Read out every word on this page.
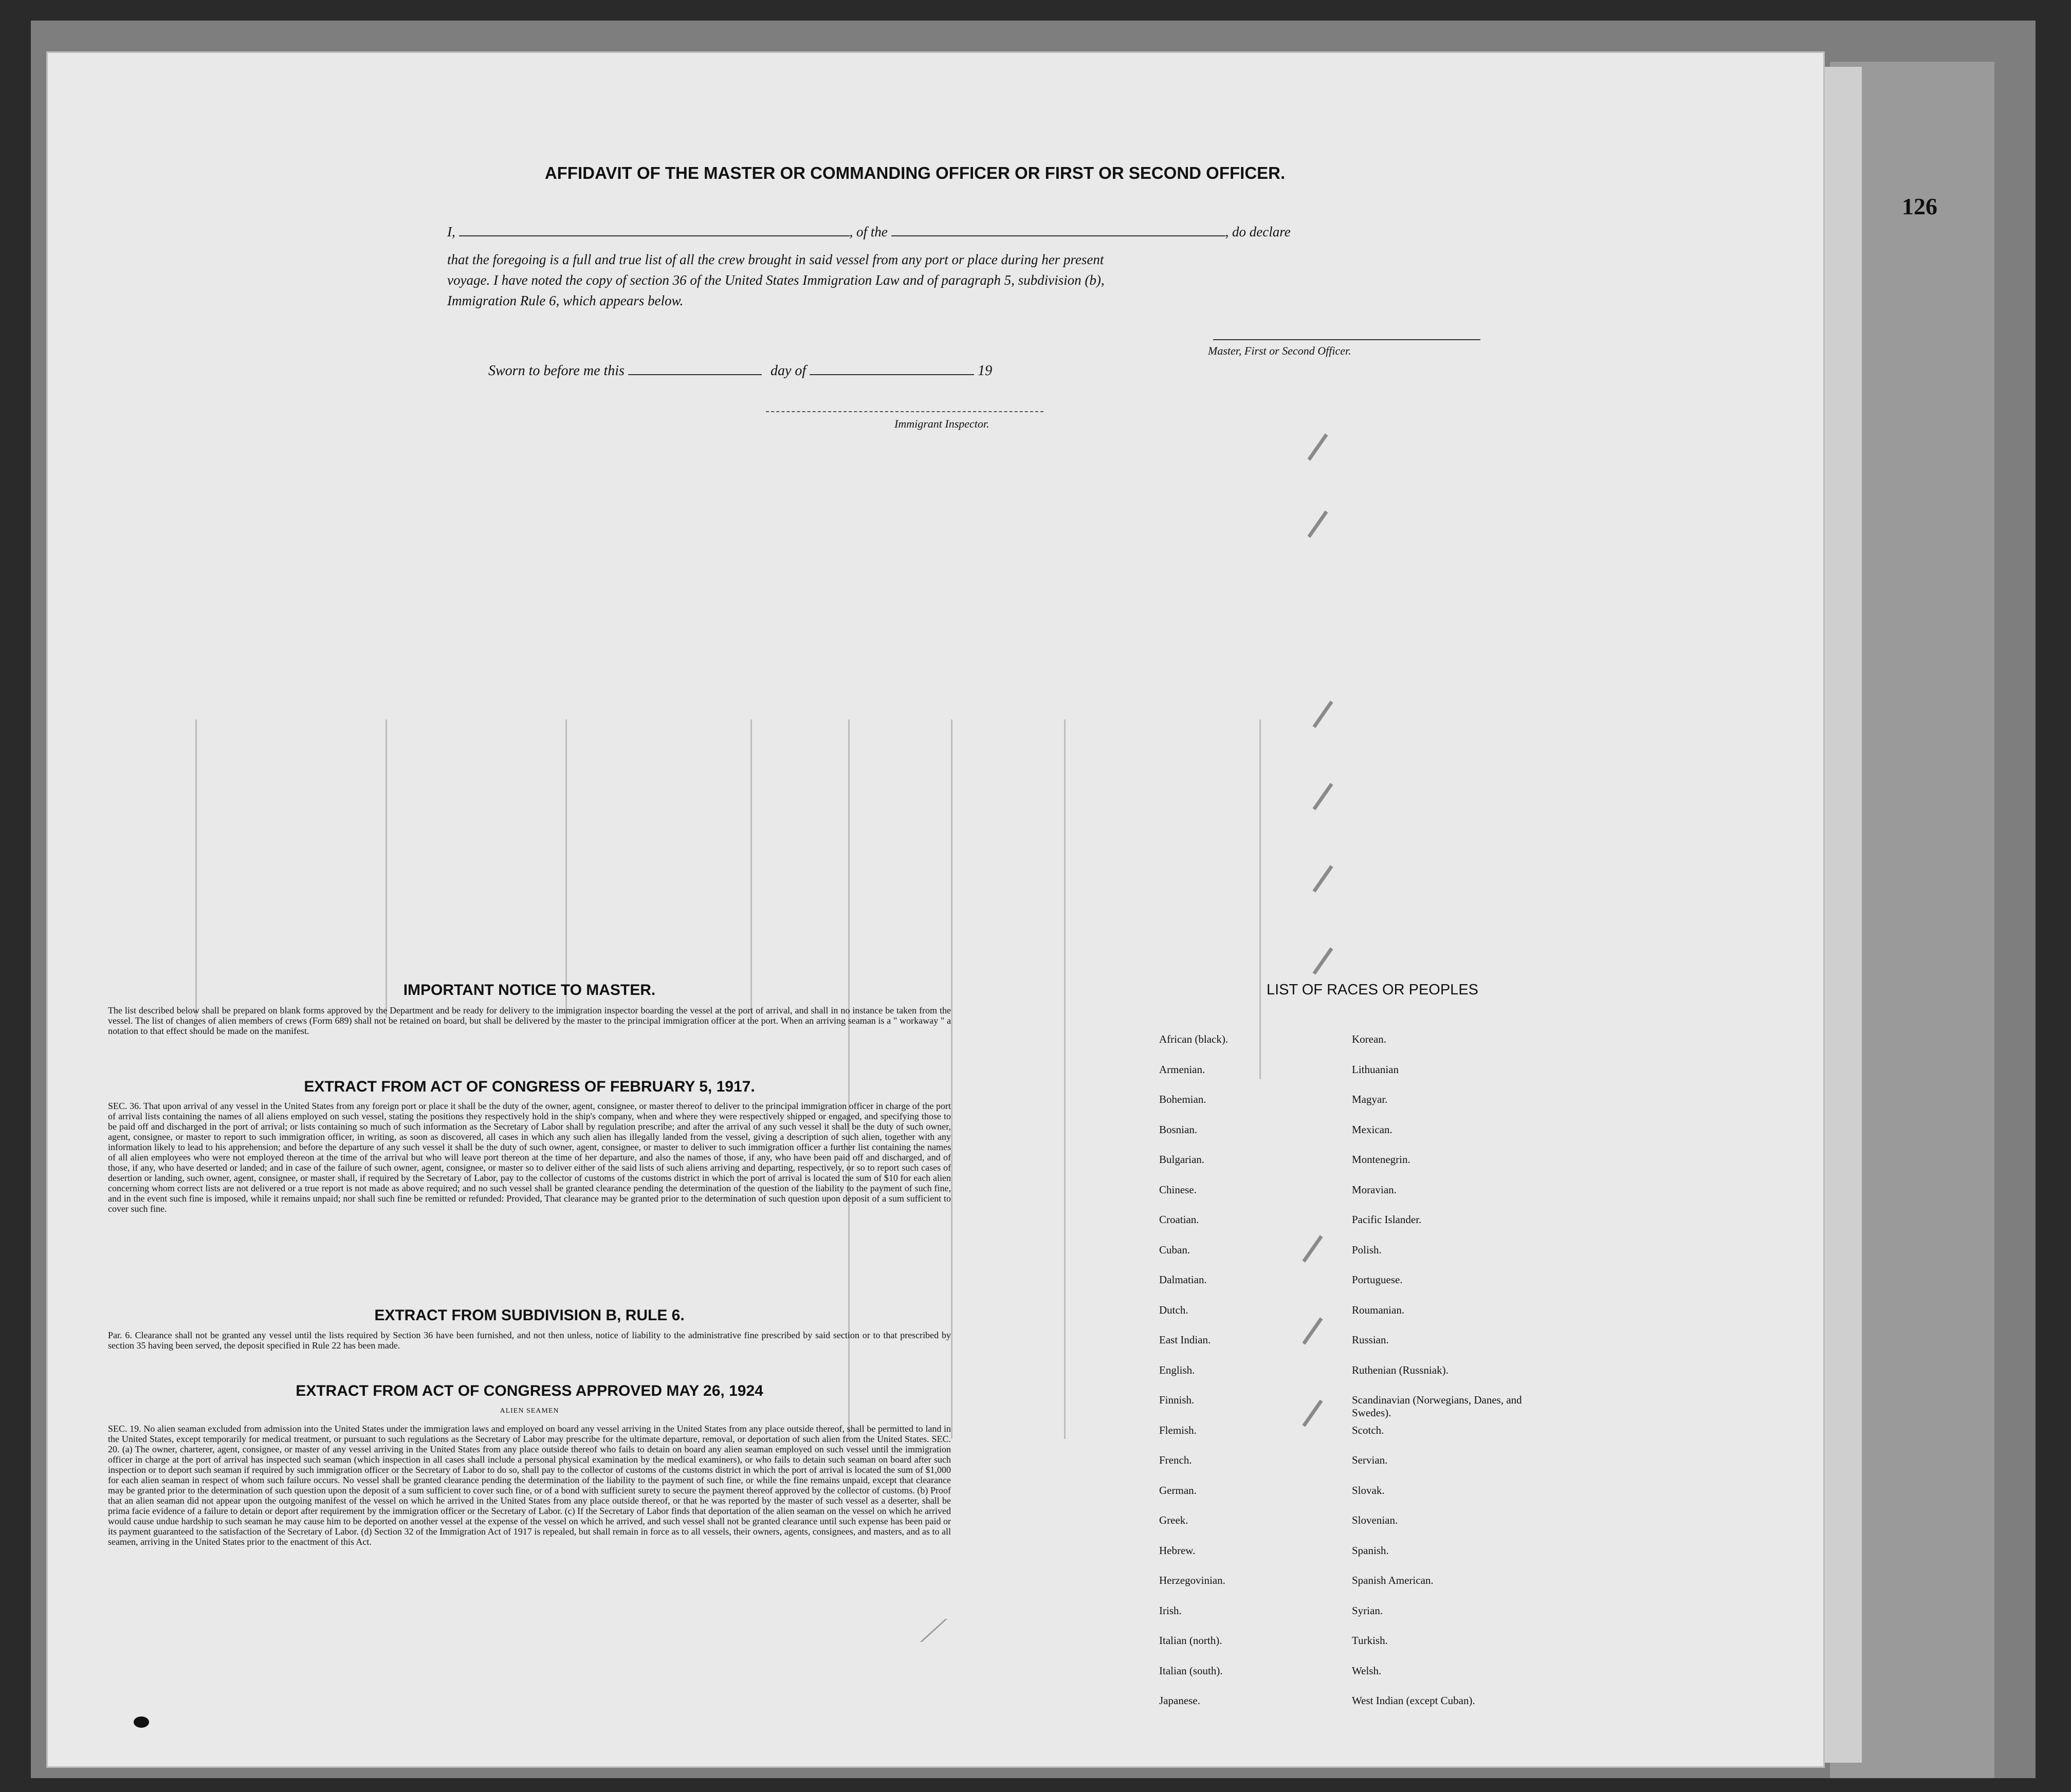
126
AFFIDAVIT OF THE MASTER OR COMMANDING OFFICER OR FIRST OR SECOND OFFICER.
I,	, of the	, do declare
that the foregoing is a full and true list of all the crew brought in said vessel from any port or place during her present
voyage. I have noted the copy of section 36 of the United States Immigration Law and of paragraph 5, subdivision (b),
Immigration Rule 6, which appears below.
Master, First or Second Officer.
Sworn to before me this	day of	19
Immigrant Inspector.
IMPORTANT NOTICE TO MASTER.
The list described below shall be prepared on blank forms approved by the Department and be ready for delivery to the immigration inspector boarding the vessel at the port of arrival, and shall in no instance be taken from the vessel. The list of changes of alien members of crews (Form 689) shall not be retained on board, but shall be delivered by the master to the principal immigration officer at the port. When an arriving seaman is a " workaway " a notation to that effect should be made on the manifest.
EXTRACT FROM ACT OF CONGRESS OF FEBRUARY 5, 1917.
SEC. 36. That upon arrival of any vessel in the United States from any foreign port or place it shall be the duty of the owner, agent, consignee, or master thereof to deliver to the principal immigration officer in charge of the port of arrival lists containing the names of all aliens employed on such vessel, stating the positions they respectively hold in the ship's company, when and where they were respectively shipped or engaged, and specifying those to be paid off and discharged in the port of arrival; or lists containing so much of such information as the Secretary of Labor shall by regulation prescribe; and after the arrival of any such vessel it shall be the duty of such owner, agent, consignee, or master to report to such immigration officer, in writing, as soon as discovered, all cases in which any such alien has illegally landed from the vessel, giving a description of such alien, together with any information likely to lead to his apprehension; and before the departure of any such vessel it shall be the duty of such owner, agent, consignee, or master to deliver to such immigration officer a further list containing the names of all alien employees who were not employed thereon at the time of the arrival but who will leave port thereon at the time of her departure, and also the names of those, if any, who have been paid off and discharged, and of those, if any, who have deserted or landed; and in case of the failure of such owner, agent, consignee, or master so to deliver either of the said lists of such aliens arriving and departing, respectively, or so to report such cases of desertion or landing, such owner, agent, consignee, or master shall, if required by the Secretary of Labor, pay to the collector of customs of the customs district in which the port of arrival is located the sum of $10 for each alien concerning whom correct lists are not delivered or a true report is not made as above required; and no such vessel shall be granted clearance pending the determination of the question of the liability to the payment of such fine, and in the event such fine is imposed, while it remains unpaid; nor shall such fine be remitted or refunded: Provided, That clearance may be granted prior to the determination of such question upon deposit of a sum sufficient to cover such fine.
EXTRACT FROM SUBDIVISION B, RULE 6.
Par. 6. Clearance shall not be granted any vessel until the lists required by Section 36 have been furnished, and not then unless, notice of liability to the administrative fine prescribed by said section or to that prescribed by section 35 having been served, the deposit specified in Rule 22 has been made.
EXTRACT FROM ACT OF CONGRESS APPROVED MAY 26, 1924
ALIEN SEAMEN
SEC. 19. No alien seaman excluded from admission into the United States under the immigration laws and employed on board any vessel arriving in the United States from any place outside thereof, shall be permitted to land in the United States, except temporarily for medical treatment, or pursuant to such regulations as the Secretary of Labor may prescribe for the ultimate departure, removal, or deportation of such alien from the United States. SEC. 20. (a) The owner, charterer, agent, consignee, or master of any vessel arriving in the United States from any place outside thereof who fails to detain on board any alien seaman employed on such vessel until the immigration officer in charge at the port of arrival has inspected such seaman (which inspection in all cases shall include a personal physical examination by the medical examiners), or who fails to detain such seaman on board after such inspection or to deport such seaman if required by such immigration officer or the Secretary of Labor to do so, shall pay to the collector of customs of the customs district in which the port of arrival is located the sum of $1,000 for each alien seaman in respect of whom such failure occurs. No vessel shall be granted clearance pending the determination of the liability to the payment of such fine, or while the fine remains unpaid, except that clearance may be granted prior to the determination of such question upon the deposit of a sum sufficient to cover such fine, or of a bond with sufficient surety to secure the payment thereof approved by the collector of customs. (b) Proof that an alien seaman did not appear upon the outgoing manifest of the vessel on which he arrived in the United States from any place outside thereof, or that he was reported by the master of such vessel as a deserter, shall be prima facie evidence of a failure to detain or deport after requirement by the immigration officer or the Secretary of Labor. (c) If the Secretary of Labor finds that deportation of the alien seaman on the vessel on which he arrived would cause undue hardship to such seaman he may cause him to be deported on another vessel at the expense of the vessel on which he arrived, and such vessel shall not be granted clearance until such expense has been paid or its payment guaranteed to the satisfaction of the Secretary of Labor. (d) Section 32 of the Immigration Act of 1917 is repealed, but shall remain in force as to all vessels, their owners, agents, consignees, and masters, and as to all seamen, arriving in the United States prior to the enactment of this Act.
LIST OF RACES OR PEOPLES
African (black).
Armenian.
Bohemian.
Bosnian.
Bulgarian.
Chinese.
Croatian.
Cuban.
Dalmatian.
Dutch.
East Indian.
English.
Finnish.
Flemish.
French.
German.
Greek.
Hebrew.
Herzegovinian.
Irish.
Italian (north).
Italian (south).
Japanese.
Korean.
Lithuanian
Magyar.
Mexican.
Montenegrin.
Moravian.
Pacific Islander.
Polish.
Portuguese.
Roumanian.
Russian.
Ruthenian (Russniak).
Scandinavian (Norwegians, Danes, and Swedes).
Scotch.
Servian.
Slovak.
Slovenian.
Spanish.
Spanish American.
Syrian.
Turkish.
Welsh.
West Indian (except Cuban).
⟋
